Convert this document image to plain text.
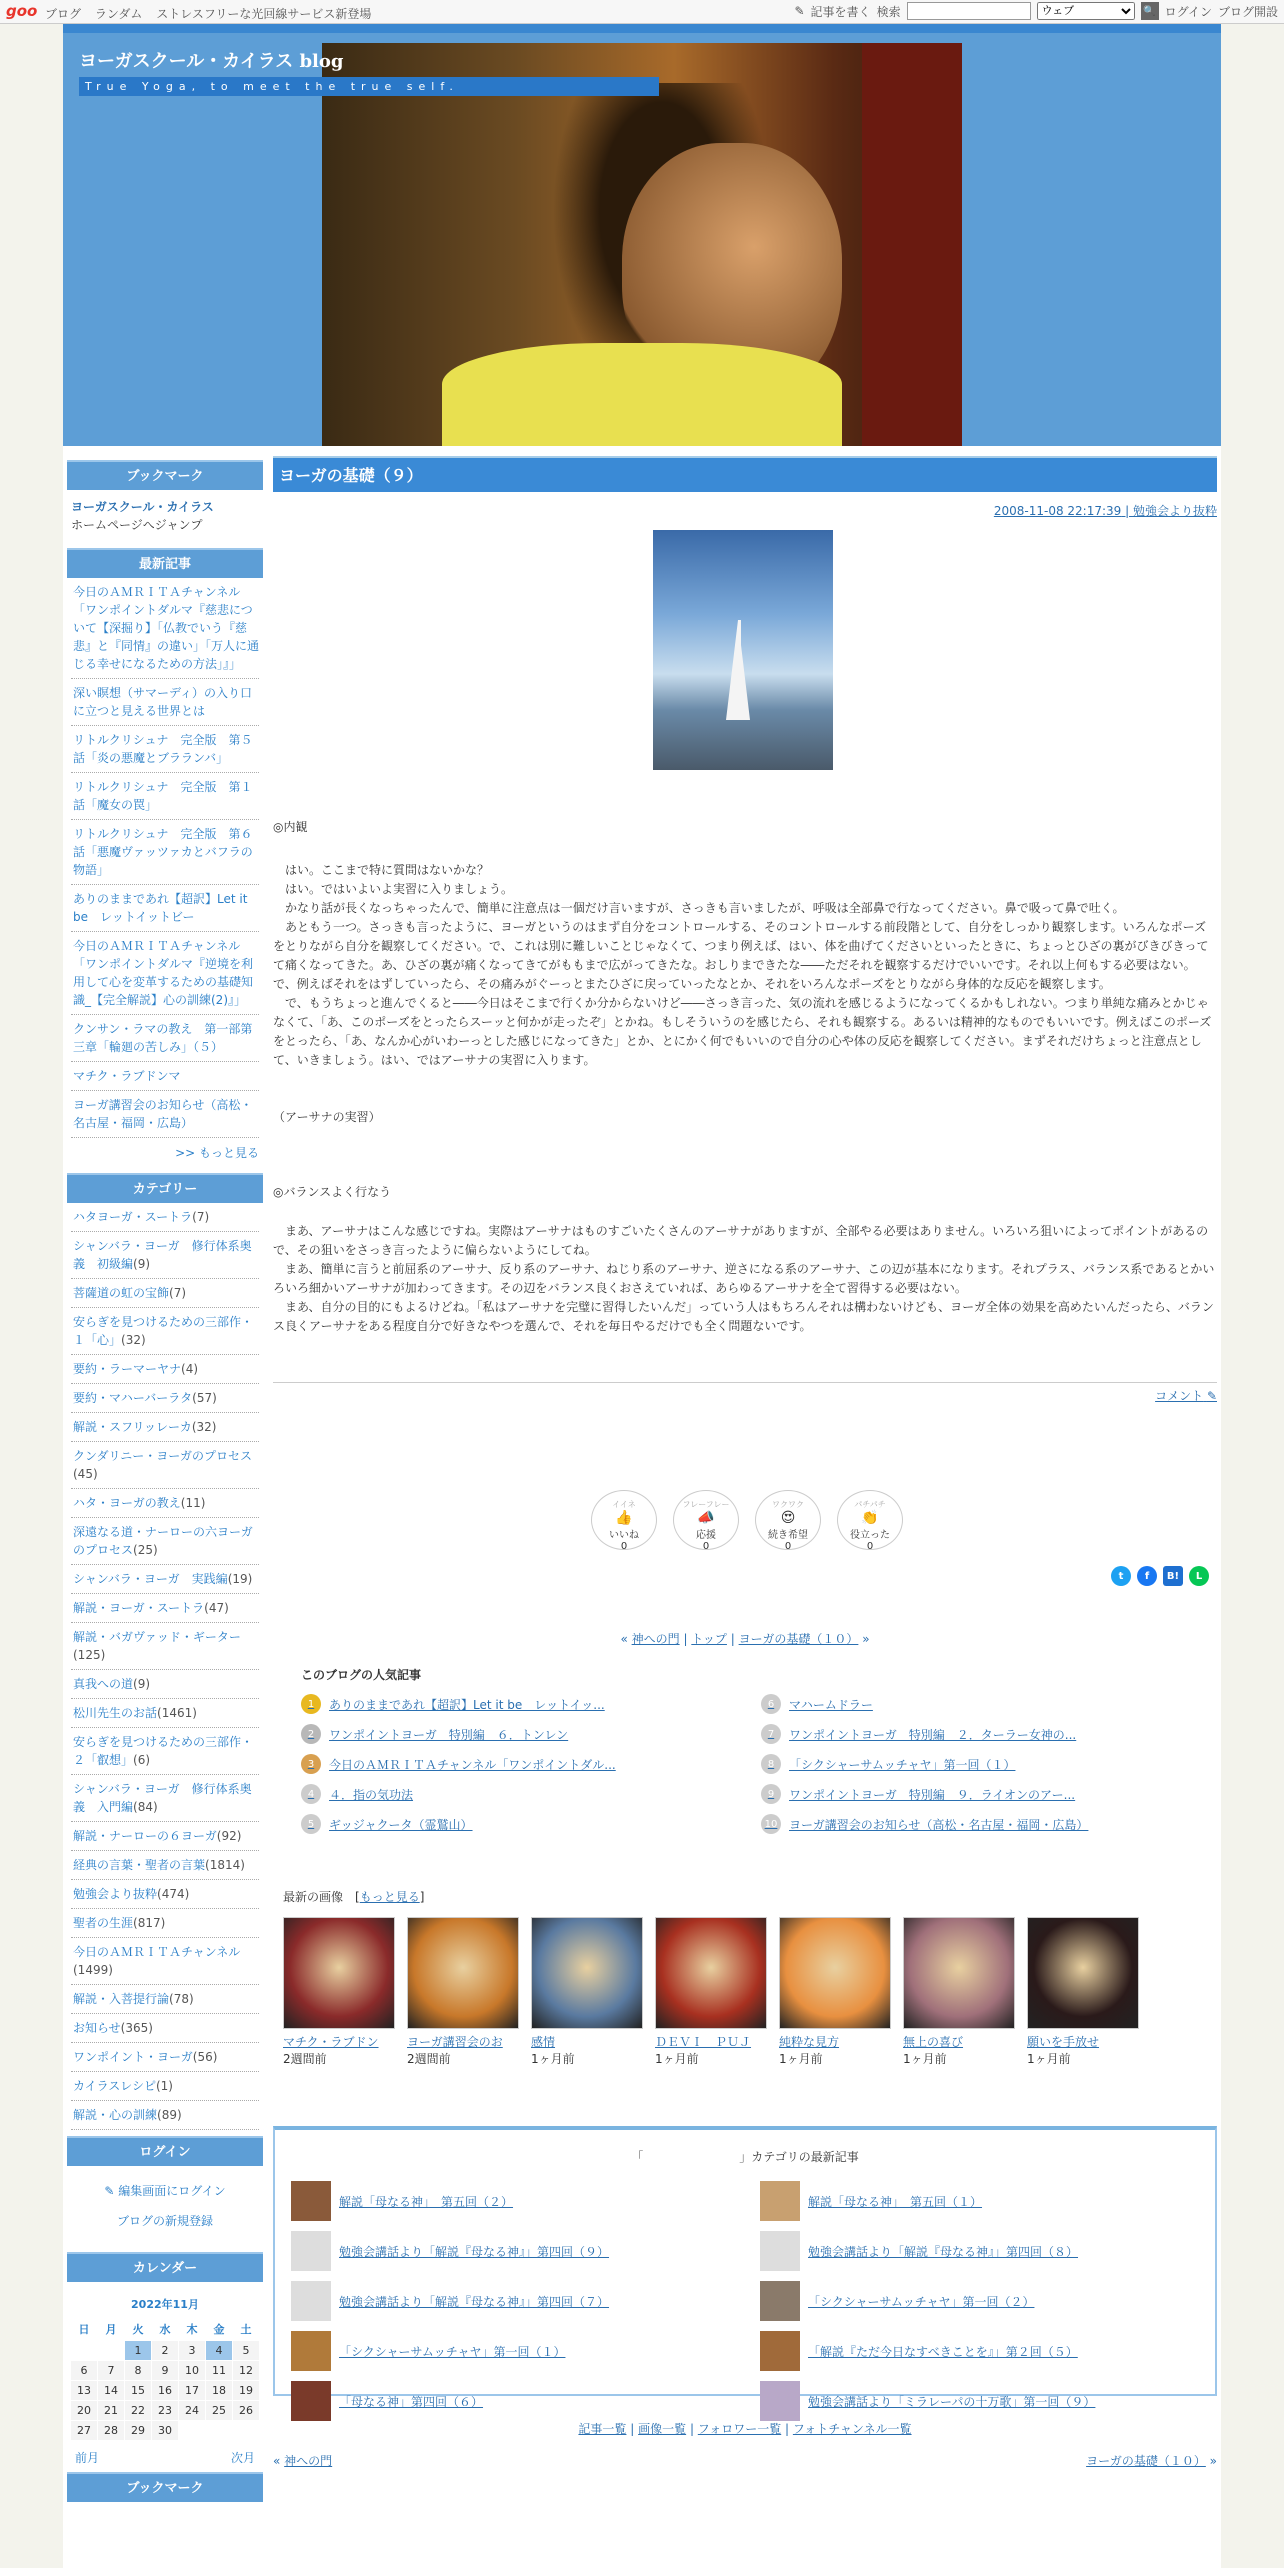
goo ブログ ランダム ストレスフリーな光回線サービス新登場	✎ 記事を書く 検索
ウェブ	🔍 ログイン ブログ開設
ヨーガスクール・カイラス blog
True Yoga, to meet the true self.
ブックマーク
ヨーガスクール・カイラス
ホームページへジャンプ
最新記事
今日のＡＭＲＩＴＡチャンネル「ワンポイントダルマ『慈悲について【深掘り】「仏教でいう『慈悲』と『同情』の違い」「万人に通じる幸せになるための方法」』」
深い瞑想（サマーディ）の入り口に立つと見える世界とは
リトルクリシュナ　完全版　第５話「炎の悪魔とブラランバ」
リトルクリシュナ　完全版　第１話「魔女の罠」
リトルクリシュナ　完全版　第６話「悪魔ヴァッツァカとバフラの物語」
ありのままであれ【超訳】Let it be　レットイットビー
今日のＡＭＲＩＴＡチャンネル「ワンポイントダルマ『逆境を利用して心を変革するための基礎知識_【完全解説】心の訓練(2)』」
クンサン・ラマの教え　第一部第三章「輪廻の苦しみ」（５）
マチク・ラブドンマ
ヨーガ講習会のお知らせ（高松・名古屋・福岡・広島）
>> もっと見る
カテゴリー
ハタヨーガ・スートラ(7)
シャンバラ・ヨーガ　修行体系奥義　初級編(9)
菩薩道の虹の宝飾(7)
安らぎを見つけるための三部作・１「心」(32)
要約・ラーマーヤナ(4)
要約・マハーバーラタ(57)
解説・スフリッレーカ(32)
クンダリニー・ヨーガのプロセス(45)
ハタ・ヨーガの教え(11)
深遠なる道・ナーローの六ヨーガのプロセス(25)
シャンバラ・ヨーガ　実践編(19)
解説・ヨーガ・スートラ(47)
解説・バガヴァッド・ギーター(125)
真我への道(9)
松川先生のお話(1461)
安らぎを見つけるための三部作・２「叡想」(6)
シャンバラ・ヨーガ　修行体系奥義　入門編(84)
解説・ナーローの６ヨーガ(92)
経典の言葉・聖者の言葉(1814)
勉強会より抜粋(474)
聖者の生涯(817)
今日のＡＭＲＩＴＡチャンネル(1499)
解説・入菩提行論(78)
お知らせ(365)
ワンポイント・ヨーガ(56)
カイラスレシピ(1)
解説・心の訓練(89)
ログイン
✎ 編集画面にログイン
ブログの新規登録
カレンダー
2022年11月
日	月	火	水	木	金	土
		1	2	3	4	5
6	7	8	9	10	11	12
13	14	15	16	17	18	19
20	21	22	23	24	25	26
27	28	29	30			
前月	次月
ブックマーク
ヨーガの基礎（９）
2008-11-08 22:17:39 | 勉強会より抜粋

◎内観

はい。ここまで特に質問はないかな？

はい。ではいよいよ実習に入りましょう。

かなり話が長くなっちゃったんで、簡単に注意点は一個だけ言いますが、さっきも言いましたが、呼吸は全部鼻で行なってください。鼻で吸って鼻で吐く。

あともう一つ。さっきも言ったように、ヨーガというのはまず自分をコントロールする、そのコントロールする前段階として、自分をしっかり観察します。いろんなポーズをとりながら自分を観察してください。で、これは別に難しいことじゃなくて、つまり例えば、はい、体を曲げてくださいといったときに、ちょっとひざの裏がびきびきってて痛くなってきた。あ、ひざの裏が痛くなってきてがももまで広がってきたな。おしりまできたな――ただそれを観察するだけでいいです。それ以上何もする必要はない。で、例えばそれをはずしていったら、その痛みがぐーっとまたひざに戻っていったなとか、それをいろんなポーズをとりながら身体的な反応を観察します。

で、もうちょっと進んでくると――今日はそこまで行くか分からないけど――さっき言った、気の流れを感じるようになってくるかもしれない。つまり単純な痛みとかじゃなくて、「あ、このポーズをとったらスーッと何かが走ったぞ」とかね。もしそういうのを感じたら、それも観察する。あるいは精神的なものでもいいです。例えばこのポーズをとったら、「あ、なんか心がいわーっとした感じになってきた」とか、とにかく何でもいいので自分の心や体の反応を観察してください。まずそれだけちょっと注意点として、いきましょう。はい、ではアーサナの実習に入ります。

（アーサナの実習）

◎バランスよく行なう

まあ、アーサナはこんな感じですね。実際はアーサナはものすごいたくさんのアーサナがありますが、全部やる必要はありません。いろいろ狙いによってポイントがあるので、その狙いをさっき言ったように偏らないようにしてね。

まあ、簡単に言うと前屈系のアーサナ、反り系のアーサナ、ねじり系のアーサナ、逆さになる系のアーサナ、この辺が基本になります。それプラス、バランス系であるとかいろいろ細かいアーサナが加わってきます。その辺をバランス良くおさえていれば、あらゆるアーサナを全て習得する必要はない。

まあ、自分の目的にもよるけどね。「私はアーサナを完璧に習得したいんだ」っていう人はもちろんそれは構わないけども、ヨーガ全体の効果を高めたいんだったら、バランス良くアーサナをある程度自分で好きなやつを選んで、それを毎日やるだけでも全く問題ないです。

コメント ✎
イイネ
👍
いいね
0
フレーフレー
📣
応援
0
ワクワク
😍
続き希望
0
パチパチ
👏
役立った
0
t	f	B!	L
« 神への門 | トップ | ヨーガの基礎（１０） »
このブログの人気記事
1	ありのままであれ【超訳】Let it be　レットイッ...	6	マハームドラー
2	ワンポイントヨーガ　特別編　６．トンレン	7	ワンポイントヨーガ　特別編　２．ターラー女神の...
3	今日のＡＭＲＩＴＡチャンネル「ワンポイントダル...	8	「シクシャーサムッチャヤ」第一回（１）
4	４．指の気功法	9	ワンポイントヨーガ　特別編　９．ライオンのアー...
5	ギッジャクータ（霊鷲山）	10 ヨーガ講習会のお知らせ（高松・名古屋・福岡・広島）
最新の画像　[もっと見る]
マチク・ラブドン
2週間前
ヨーガ講習会のお
2週間前
感情
1ヶ月前
ＤＥＶＩ　ＰＵＪ
1ヶ月前
純粋な見方
1ヶ月前
無上の喜び
1ヶ月前
願いを手放せ
1ヶ月前
「　　　　　　　　」カテゴリの最新記事
解説「母なる神」　第五回（２）	解説「母なる神」　第五回（１）
勉強会講話より「解説『母なる神』」第四回（９）	勉強会講話より「解説『母なる神』」第四回（８）
勉強会講話より「解説『母なる神』」第四回（７）	「シクシャーサムッチャヤ」第一回（２）
「シクシャーサムッチャヤ」第一回（１）	「解説『ただ今日なすべきことを』」第２回（５）
「母なる神」第四回（６）	勉強会講話より「ミラレーパの十万歌」第一回（９）
記事一覧 | 画像一覧 | フォロワー一覧 | フォトチャンネル一覧
« 神への門	ヨーガの基礎（１０） »
